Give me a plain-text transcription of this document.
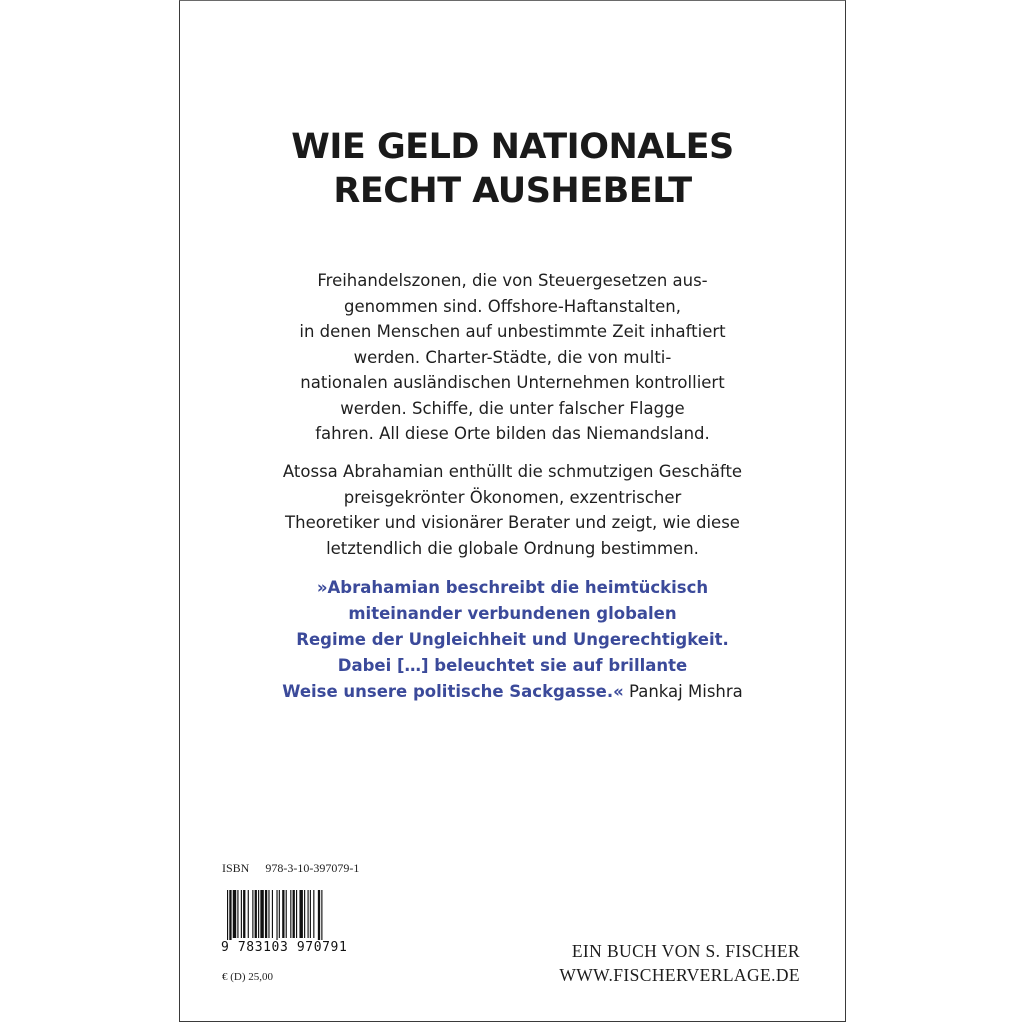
WIE GELD NATIONALES
RECHT AUSHEBELT

Freihandelszonen, die von Steuergesetzen aus-
genommen sind. Offshore-Haftanstalten,
in denen Menschen auf unbestimmte Zeit inhaftiert
werden. Charter-Städte, die von multi-
nationalen ausländischen Unternehmen kontrolliert
werden. Schiffe, die unter falscher Flagge
fahren. All diese Orte bilden das Niemandsland.

Atossa Abrahamian enthüllt die schmutzigen Geschäfte
preisgekrönter Ökonomen, exzentrischer
Theoretiker und visionärer Berater und zeigt, wie diese
letztendlich die globale Ordnung bestimmen.

»Abrahamian beschreibt die heimtückisch
miteinander verbundenen globalen
Regime der Ungleichheit und Ungerechtigkeit.
Dabei […] beleuchtet sie auf brillante
Weise unsere politische Sackgasse.« Pankaj Mishra

ISBN 978-3-10-397079-1
9 783103 970791
€ (D) 25,00
EIN BUCH VON S. FISCHER
WWW.FISCHERVERLAGE.DE
